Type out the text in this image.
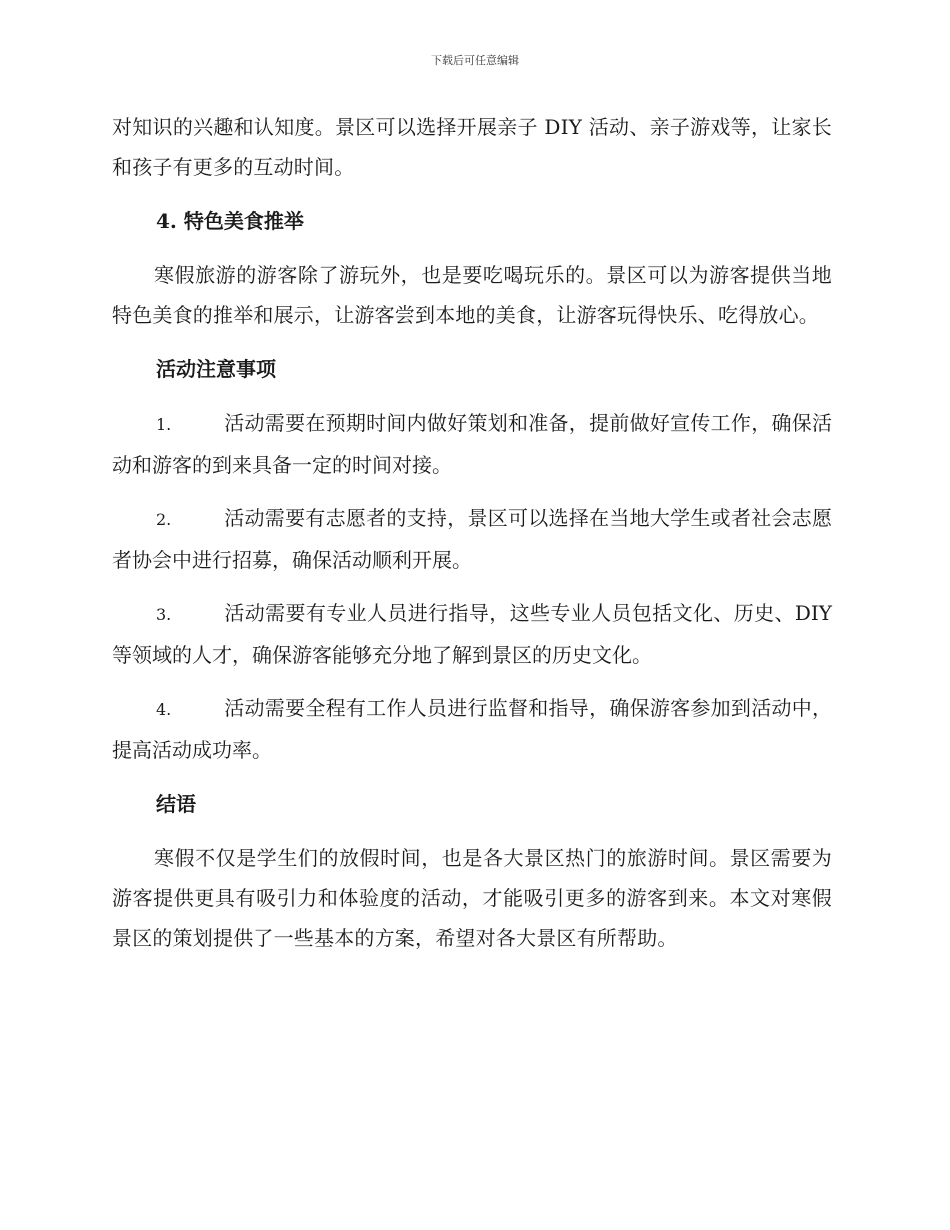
下载后可任意编辑

对知识的兴趣和认知度。景区可以选择开展亲子 DIY 活动、亲子游戏等，让家长和孩子有更多的互动时间。

4. 特色美食推举

寒假旅游的游客除了游玩外，也是要吃喝玩乐的。景区可以为游客提供当地特色美食的推举和展示，让游客尝到本地的美食，让游客玩得快乐、吃得放心。

活动注意事项

1.	活动需要在预期时间内做好策划和准备，提前做好宣传工作，确保活动和游客的到来具备一定的时间对接。

2.	活动需要有志愿者的支持，景区可以选择在当地大学生或者社会志愿者协会中进行招募，确保活动顺利开展。

3.	活动需要有专业人员进行指导，这些专业人员包括文化、历史、DIY 等领域的人才，确保游客能够充分地了解到景区的历史文化。

4.	活动需要全程有工作人员进行监督和指导，确保游客参加到活动中，提高活动成功率。

结语

寒假不仅是学生们的放假时间，也是各大景区热门的旅游时间。景区需要为游客提供更具有吸引力和体验度的活动，才能吸引更多的游客到来。本文对寒假景区的策划提供了一些基本的方案，希望对各大景区有所帮助。
